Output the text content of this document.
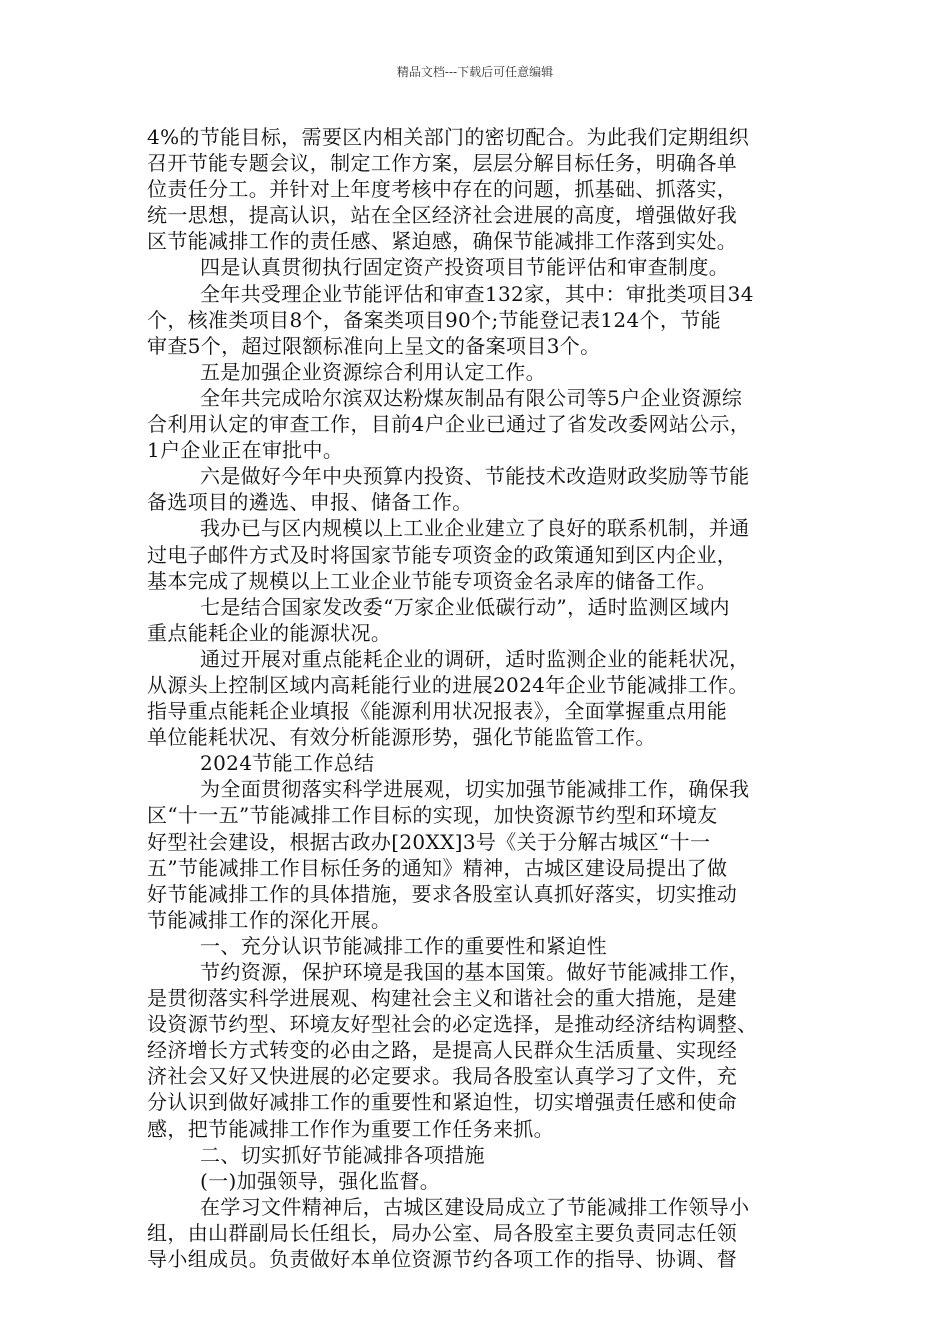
精品文档---下载后可任意编辑
4%的节能目标，需要区内相关部门的密切配合。为此我们定期组织
召开节能专题会议，制定工作方案，层层分解目标任务，明确各单
位责任分工。并针对上年度考核中存在的问题，抓基础、抓落实，
统一思想，提高认识，站在全区经济社会进展的高度，增强做好我
区节能减排工作的责任感、紧迫感，确保节能减排工作落到实处。
四是认真贯彻执行固定资产投资项目节能评估和审查制度。
全年共受理企业节能评估和审查132家，其中：审批类项目34
个，核准类项目8个，备案类项目90个;节能登记表124个，节能
审查5个，超过限额标准向上呈文的备案项目3个。
五是加强企业资源综合利用认定工作。
全年共完成哈尔滨双达粉煤灰制品有限公司等5户企业资源综
合利用认定的审查工作，目前4户企业已通过了省发改委网站公示，
1户企业正在审批中。
六是做好今年中央预算内投资、节能技术改造财政奖励等节能
备选项目的遴选、申报、储备工作。
我办已与区内规模以上工业企业建立了良好的联系机制，并通
过电子邮件方式及时将国家节能专项资金的政策通知到区内企业，
基本完成了规模以上工业企业节能专项资金名录库的储备工作。
七是结合国家发改委“万家企业低碳行动”，适时监测区域内
重点能耗企业的能源状况。
通过开展对重点能耗企业的调研，适时监测企业的能耗状况，
从源头上控制区域内高耗能行业的进展2024年企业节能减排工作。
指导重点能耗企业填报《能源利用状况报表》，全面掌握重点用能
单位能耗状况、有效分析能源形势，强化节能监管工作。
2024节能工作总结
为全面贯彻落实科学进展观，切实加强节能减排工作，确保我
区“十一五”节能减排工作目标的实现，加快资源节约型和环境友
好型社会建设，根据古政办[20XX]3号《关于分解古城区“十一
五”节能减排工作目标任务的通知》精神，古城区建设局提出了做
好节能减排工作的具体措施，要求各股室认真抓好落实，切实推动
节能减排工作的深化开展。
一、充分认识节能减排工作的重要性和紧迫性
节约资源，保护环境是我国的基本国策。做好节能减排工作，
是贯彻落实科学进展观、构建社会主义和谐社会的重大措施，是建
设资源节约型、环境友好型社会的必定选择，是推动经济结构调整、
经济增长方式转变的必由之路，是提高人民群众生活质量、实现经
济社会又好又快进展的必定要求。我局各股室认真学习了文件，充
分认识到做好减排工作的重要性和紧迫性，切实增强责任感和使命
感，把节能减排工作作为重要工作任务来抓。
二、切实抓好节能减排各项措施
(一)加强领导，强化监督。
在学习文件精神后，古城区建设局成立了节能减排工作领导小
组，由山群副局长任组长，局办公室、局各股室主要负责同志任领
导小组成员。负责做好本单位资源节约各项工作的指导、协调、督
